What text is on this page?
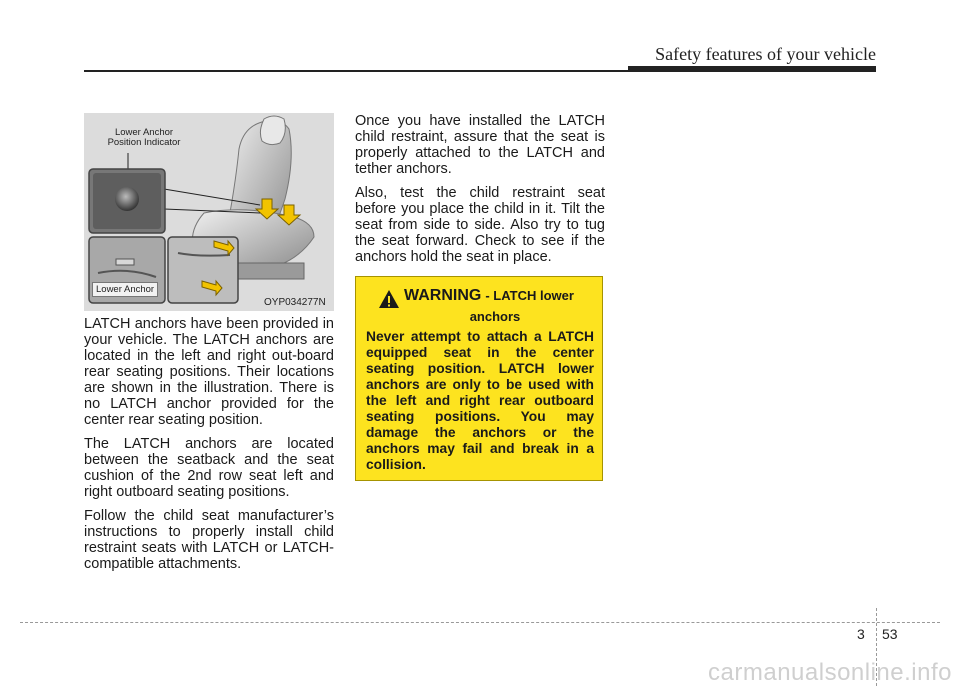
Safety features of your vehicle
Lower Anchor
Position Indicator
Lower Anchor
OYP034277N

LATCH anchors have been provided in your vehicle. The LATCH anchors are located in the left and right out-board rear seating positions. Their locations are shown in the illustration. There is no LATCH anchor provided for the center rear seating position.

The LATCH anchors are located between the seatback and the seat cushion of the 2nd row seat left and right outboard seating positions.

Follow the child seat manufacturer’s instructions to properly install child restraint seats with LATCH or LATCH-compatible attachments.

Once you have installed the LATCH child restraint, assure that the seat is properly attached to the LATCH and tether anchors.

Also, test the child restraint seat before you place the child in it. Tilt the seat from side to side. Also try to tug the seat forward. Check to see if the anchors hold the seat in place.

WARNING - LATCH lower
anchors
Never attempt to attach a LATCH equipped seat in the center seating position. LATCH lower anchors are only to be used with the left and right rear outboard seating positions. You may damage the anchors or the anchors may fail and break in a collision.
3 53
carmanualsonline.info
